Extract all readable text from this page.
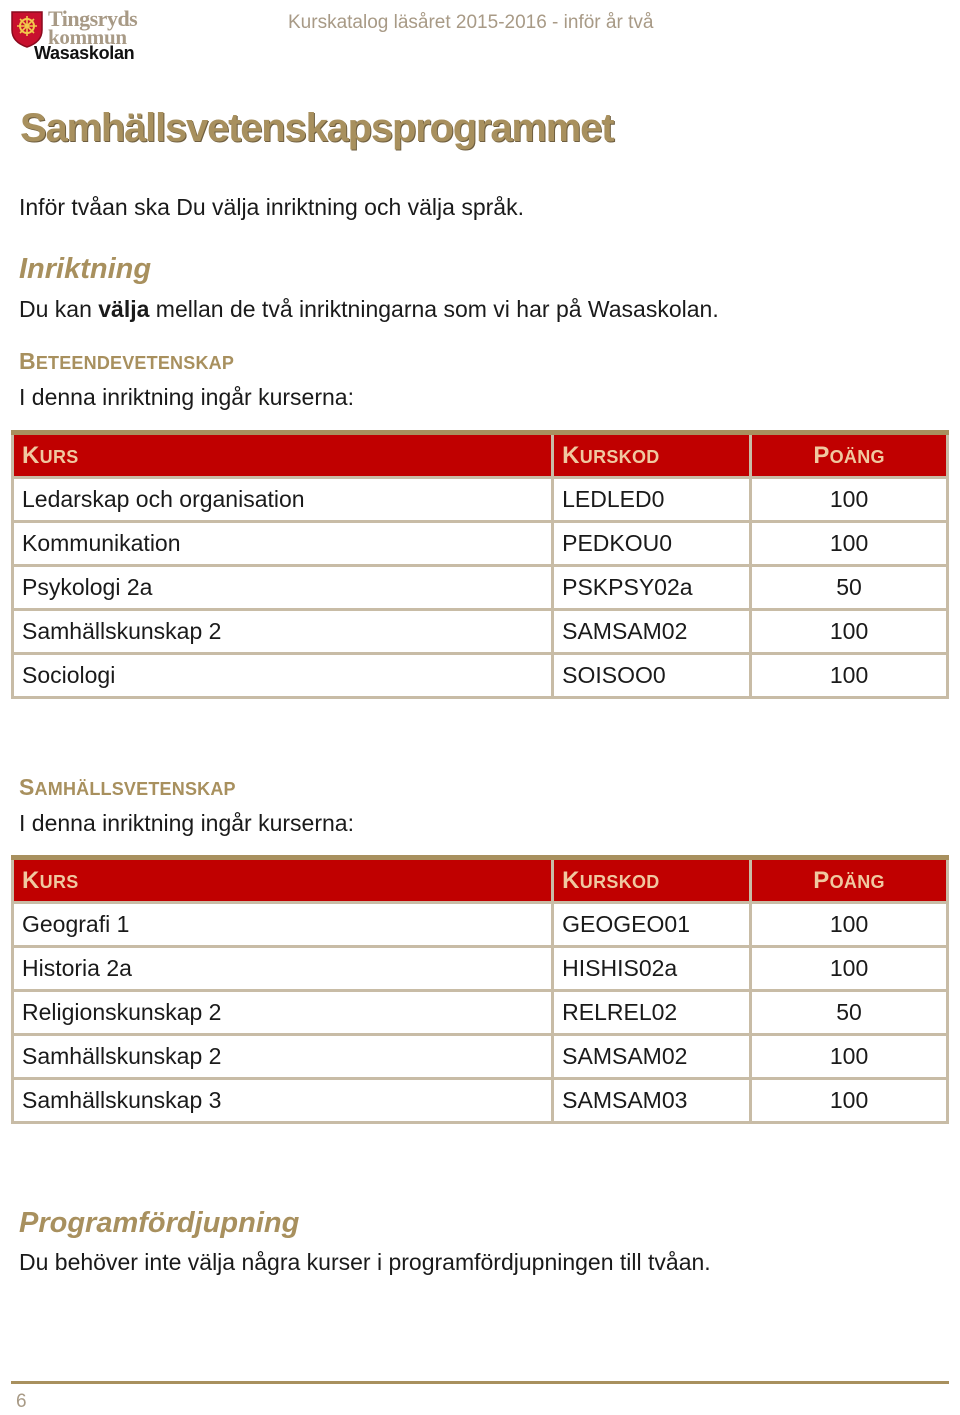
Tingsryds
kommun
Wasaskolan
Kurskatalog läsåret 2015-2016 - inför år två
Samhällsvetenskapsprogrammet

Inför tvåan ska Du välja inriktning och välja språk.

Inriktning

Du kan välja mellan de två inriktningarna som vi har på Wasaskolan.

BETEENDEVETENSKAP

I denna inriktning ingår kurserna:

KURS	KURSKOD	POÄNG
Ledarskap och organisation	LEDLED0	100
Kommunikation	PEDKOU0	100
Psykologi 2a	PSKPSY02a	50
Samhällskunskap 2	SAMSAM02	100
Sociologi	SOISOO0	100
SAMHÄLLSVETENSKAP

I denna inriktning ingår kurserna:

KURS	KURSKOD	POÄNG
Geografi 1	GEOGEO01	100
Historia 2a	HISHIS02a	100
Religionskunskap 2	RELREL02	50
Samhällskunskap 2	SAMSAM02	100
Samhällskunskap 3	SAMSAM03	100
Programfördjupning

Du behöver inte välja några kurser i programfördjupningen till tvåan.

6
